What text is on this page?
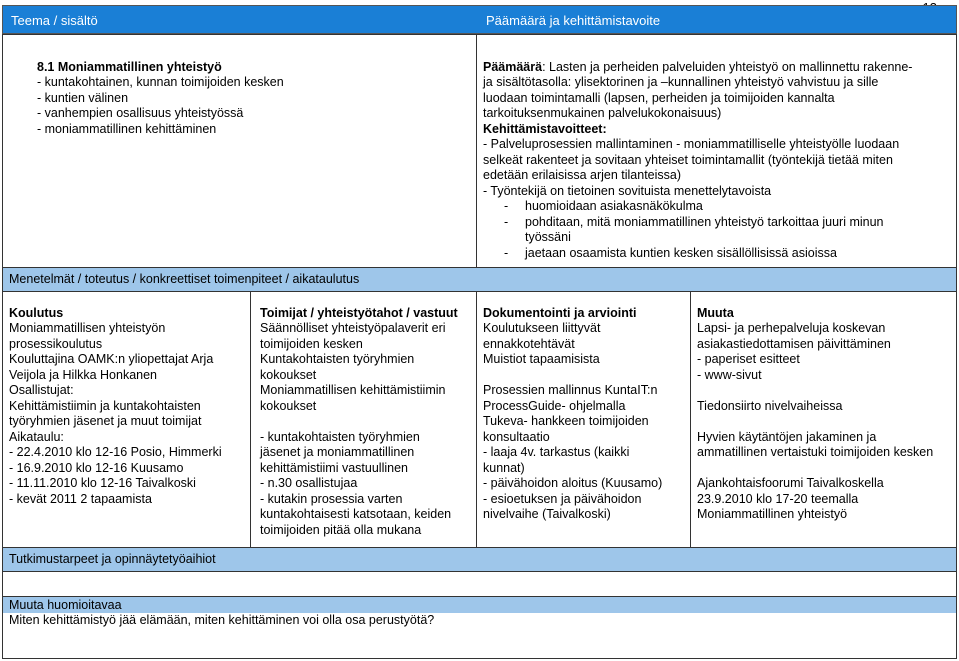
Teema / sisältö	Päämäärä ja kehittämistavoite
8.1 Moniammatillinen yhteistyö
- kuntakohtainen, kunnan toimijoiden kesken
- kuntien välinen
- vanhempien osallisuus yhteistyössä
- moniammatillinen kehittäminen
Päämäärä: Lasten ja perheiden palveluiden yhteistyö on mallinnettu rakenne-
ja sisältötasolla: ylisektorinen ja –kunnallinen yhteistyö vahvistuu ja sille
luodaan toimintamalli (lapsen, perheiden ja toimijoiden kannalta
tarkoituksenmukainen palvelukokonaisuus)
Kehittämistavoitteet:
- Palveluprosessien mallintaminen - moniammatilliselle yhteistyölle luodaan
selkeät rakenteet ja sovitaan yhteiset toimintamallit (työntekijä tietää miten
edetään erilaisissa arjen tilanteissa)
- Työntekijä on tietoinen sovituista menettelytavoista
- huomioidaan asiakasnäkökulma
- pohditaan, mitä moniammatillinen yhteistyö tarkoittaa juuri minun
työssäni
- jaetaan osaamista kuntien kesken sisällöllisissä asioissa
Menetelmät / toteutus / konkreettiset toimenpiteet / aikataulutus
Koulutus
Moniammatillisen yhteistyön
prosessikoulutus
Kouluttajina OAMK:n yliopettajat Arja
Veijola ja Hilkka Honkanen
Osallistujat:
Kehittämistiimin ja kuntakohtaisten
työryhmien jäsenet ja muut toimijat
Aikataulu:
- 22.4.2010 klo 12-16 Posio, Himmerki
- 16.9.2010 klo 12-16 Kuusamo
- 11.11.2010 klo 12-16 Taivalkoski
- kevät 2011 2 tapaamista
Toimijat / yhteistyötahot / vastuut
Säännölliset yhteistyöpalaverit eri
toimijoiden kesken
Kuntakohtaisten työryhmien
kokoukset
Moniammatillisen kehittämistiimin
kokoukset
- kuntakohtaisten työryhmien
jäsenet ja moniammatillinen
kehittämistiimi vastuullinen
- n.30 osallistujaa
- kutakin prosessia varten
kuntakohtaisesti katsotaan, keiden
toimijoiden pitää olla mukana
Dokumentointi ja arviointi
Koulutukseen liittyvät
ennakkotehtävät
Muistiot tapaamisista
Prosessien mallinnus KuntaIT:n
ProcessGuide- ohjelmalla
Tukeva- hankkeen toimijoiden
konsultaatio
- laaja 4v. tarkastus (kaikki
kunnat)
- päivähoidon aloitus (Kuusamo)
- esioetuksen ja päivähoidon
nivelvaihe (Taivalkoski)
Muuta
Lapsi- ja perhepalveluja koskevan
asiakastiedottamisen päivittäminen
- paperiset esitteet
- www-sivut
Tiedonsiirto nivelvaiheissa
Hyvien käytäntöjen jakaminen ja
ammatillinen vertaistuki toimijoiden kesken
Ajankohtaisfoorumi Taivalkoskella
23.9.2010 klo 17-20 teemalla
Moniammatillinen yhteistyö
Tutkimustarpeet ja opinnäytetyöaihiot
Muuta huomioitavaa
Miten kehittämistyö jää elämään, miten kehittäminen voi olla osa perustyötä?
